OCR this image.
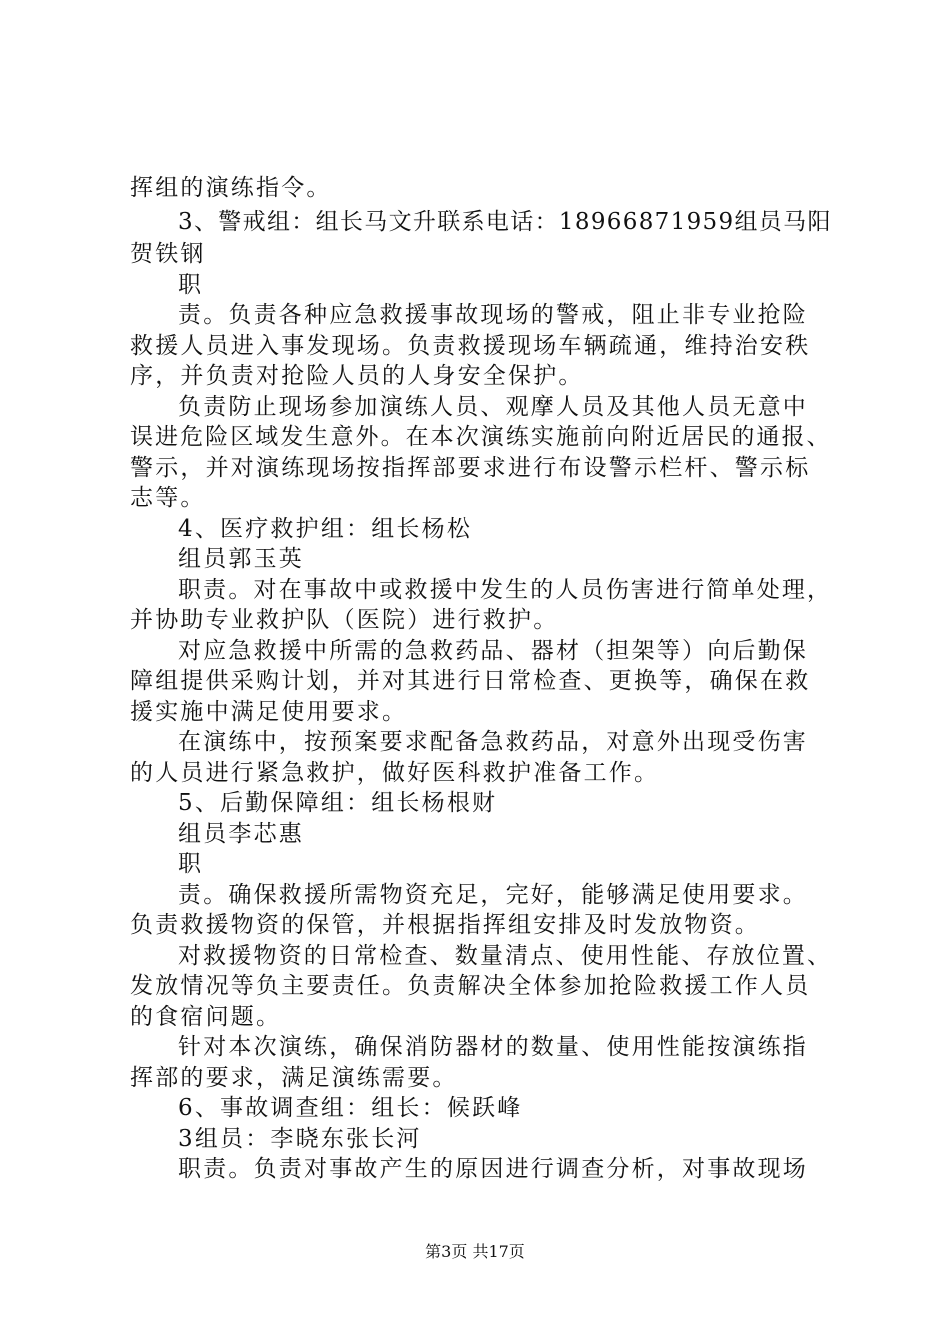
挥组的演练指令。
3、警戒组：组长马文升联系电话：18966871959组员马阳
贺铁钢
职
责。负责各种应急救援事故现场的警戒，阻止非专业抢险
救援人员进入事发现场。负责救援现场车辆疏通，维持治安秩
序，并负责对抢险人员的人身安全保护。
负责防止现场参加演练人员、观摩人员及其他人员无意中
误进危险区域发生意外。在本次演练实施前向附近居民的通报、
警示，并对演练现场按指挥部要求进行布设警示栏杆、警示标
志等。
4、医疗救护组：组长杨松
组员郭玉英
职责。对在事故中或救援中发生的人员伤害进行简单处理，
并协助专业救护队（医院）进行救护。
对应急救援中所需的急救药品、器材（担架等）向后勤保
障组提供采购计划，并对其进行日常检查、更换等，确保在救
援实施中满足使用要求。
在演练中，按预案要求配备急救药品，对意外出现受伤害
的人员进行紧急救护，做好医科救护准备工作。
5、后勤保障组：组长杨根财
组员李芯惠
职
责。确保救援所需物资充足，完好，能够满足使用要求。
负责救援物资的保管，并根据指挥组安排及时发放物资。
对救援物资的日常检查、数量清点、使用性能、存放位置、
发放情况等负主要责任。负责解决全体参加抢险救援工作人员
的食宿问题。
针对本次演练，确保消防器材的数量、使用性能按演练指
挥部的要求，满足演练需要。
6、事故调查组：组长：候跃峰
3组员：李晓东张长河
职责。负责对事故产生的原因进行调查分析，对事故现场
第3页 共17页
